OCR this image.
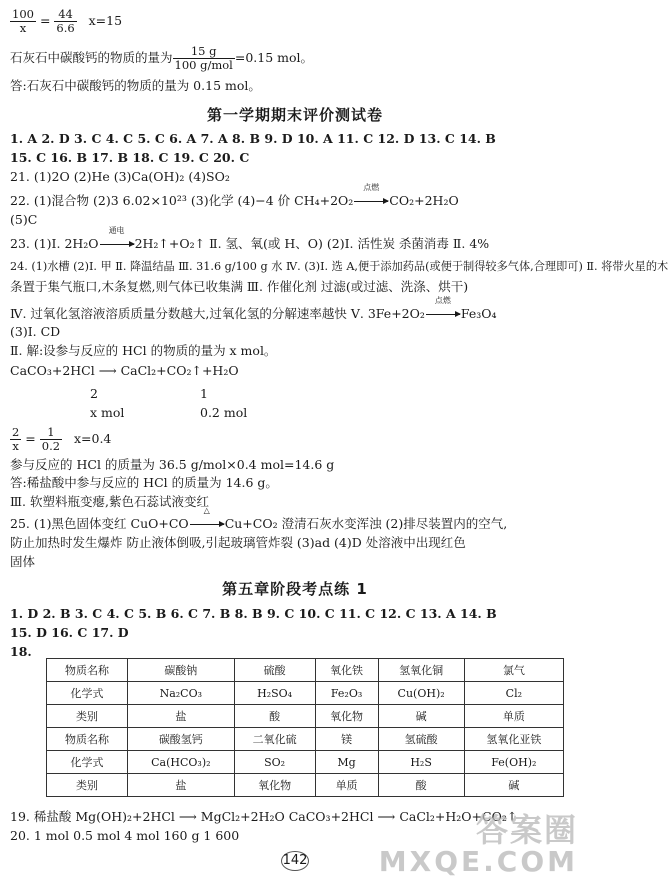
$\frac{100}{x} = \frac{44}{6.6} x=15$
石灰石中碳酸钙的物质的量为 $\frac{15 g}{\text{100 g/mol}} =0.15$ mol。
答:石灰石中碳酸钙的物质的量为 0.15 mol。
第一学期期末评价测试卷
1. A 2. D 3. C 4. C 5. C 6. A 7. A 8. B 9. D 10. A 11. C 12. D 13. C 14. B
15. C 16. B 17. B 18. C 19. C 20. C
21. (1)2O (2)He (3)Ca(OH)₂ (4)SO₂
22. (1)混合物 (2)3 6.02×10²³ (3)化学 (4)−4 价 CH₄+2O₂
点燃
CO₂+2H₂O
(5)C
23. (1)Ⅰ. 2H₂O
通电
2H₂↑+O₂↑ Ⅱ. 氢、氧(或 H、O) (2)Ⅰ. 活性炭 杀菌消毒 Ⅱ. 4%
24. (1)水槽 (2)Ⅰ. 甲 Ⅱ. 降温结晶 Ⅲ. 31.6 g/100 g 水 Ⅳ. (3)Ⅰ. 选 A,便于添加药品(或便于制得较多气体,合理即可) Ⅱ. 将带火星的木
条置于集气瓶口,木条复燃,则气体已收集满 Ⅲ. 作催化剂 过滤(或过滤、洗涤、烘干)
Ⅳ. 过氧化氢溶液溶质质量分数越大,过氧化氢的分解速率越快 Ⅴ. 3Fe+2O₂
点燃
Fe₃O₄
(3)Ⅰ. CD
Ⅱ. 解:设参与反应的 HCl 的物质的量为 x mol。
CaCO₃+2HCl ⟶ CaCl₂+CO₂↑+H₂O
2	1
x mol	0.2 mol
$\frac{2}{x} = \frac{1}{0.2} x=0.4$
参与反应的 HCl 的质量为 36.5 g/mol×0.4 mol=14.6 g
答:稀盐酸中参与反应的 HCl 的质量为 14.6 g。
Ⅲ. 软塑料瓶变瘪,紫色石蕊试液变红
25. (1)黑色固体变红 CuO+CO
△
Cu+CO₂ 澄清石灰水变浑浊 (2)排尽装置内的空气,
防止加热时发生爆炸 防止液体倒吸,引起玻璃管炸裂 (3)ad (4)D 处溶液中出现红色
固体
第五章阶段考点练 1
1. D 2. B 3. C 4. C 5. B 6. C 7. B 8. B 9. C 10. C 11. C 12. C 13. A 14. B
15. D 16. C 17. D
18.
物质名称	碳酸钠	硫酸	氧化铁	氢氧化铜	氯气
化学式	Na₂CO₃	H₂SO₄	Fe₂O₃	Cu(OH)₂	Cl₂
类别	盐	酸	氧化物	碱	单质
物质名称	碳酸氢钙	二氧化硫	镁	氢硫酸	氢氧化亚铁
化学式	Ca(HCO₃)₂	SO₂	Mg	H₂S	Fe(OH)₂
类别	盐	氧化物	单质	酸	碱
19. 稀盐酸 Mg(OH)₂+2HCl ⟶ MgCl₂+2H₂O CaCO₃+2HCl ⟶ CaCl₂+H₂O+CO₂↑
20. 1 mol 0.5 mol 4 mol 160 g 1 600
142
答案圈
MXQE.COM
